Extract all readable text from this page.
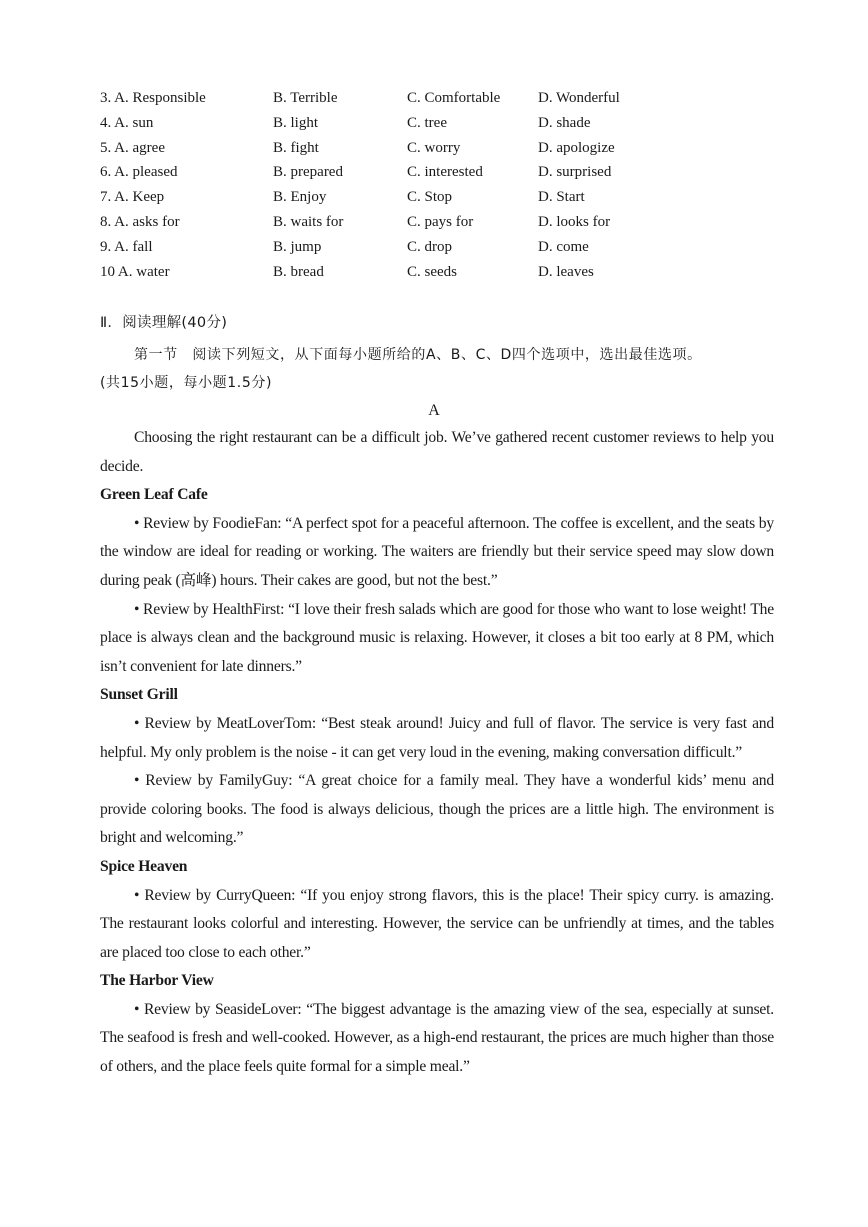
3. A. Responsible	B. Terrible	C. Comfortable	D. Wonderful
4. A. sun	B. light	C. tree	D. shade
5. A. agree	B. fight	C. worry	D. apologize
6. A. pleased	B. prepared	C. interested	D. surprised
7. A. Keep	B. Enjoy	C. Stop	D. Start
8. A. asks for	B. waits for	C. pays for	D. looks for
9. A. fall	B. jump	C. drop	D. come
10 A. water	B. bread	C. seeds	D. leaves
Ⅱ．阅读理解(40分)
第一节　阅读下列短文，从下面每小题所给的A、B、C、D四个选项中，选出最佳选项。
(共15小题，每小题1.5分)
A

Choosing the right restaurant can be a difficult job. We’ve gathered recent customer reviews to help you decide.

Green Leaf Cafe

• Review by FoodieFan: “A perfect spot for a peaceful afternoon. The coffee is excellent, and the seats by the window are ideal for reading or working. The waiters are friendly but their service speed may slow down during peak (高峰) hours. Their cakes are good, but not the best.”

• Review by HealthFirst: “I love their fresh salads which are good for those who want to lose weight! The place is always clean and the background music is relaxing. However, it closes a bit too early at 8 PM, which isn’t convenient for late dinners.”

Sunset Grill

• Review by MeatLoverTom: “Best steak around! Juicy and full of flavor. The service is very fast and helpful. My only problem is the noise - it can get very loud in the evening, making conversation difficult.”

• Review by FamilyGuy: “A great choice for a family meal. They have a wonderful kids’ menu and provide coloring books. The food is always delicious, though the prices are a little high. The environment is bright and welcoming.”

Spice Heaven

• Review by CurryQueen: “If you enjoy strong flavors, this is the place! Their spicy curry. is amazing. The restaurant looks colorful and interesting. However, the service can be unfriendly at times, and the tables are placed too close to each other.”

The Harbor View

• Review by SeasideLover: “The biggest advantage is the amazing view of the sea, especially at sunset. The seafood is fresh and well-cooked. However, as a high-end restaurant, the prices are much higher than those of others, and the place feels quite formal for a simple meal.”
